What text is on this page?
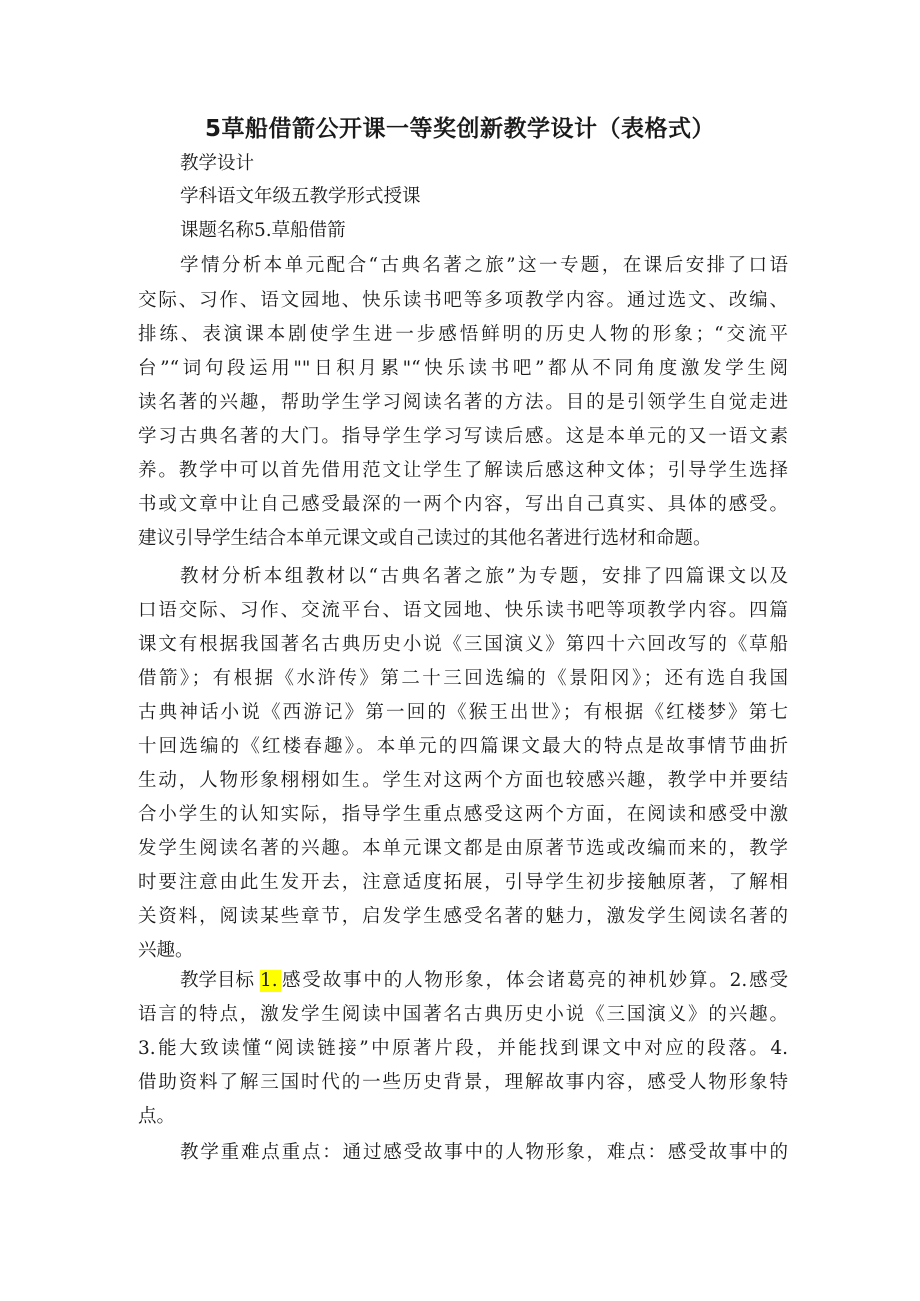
5草船借箭公开课一等奖创新教学设计（表格式）
教学设计
学科语文年级五教学形式授课
课题名称5.草船借箭
学情分析本单元配合“古典名著之旅”这一专题，在课后安排了口语
交际、习作、语文园地、快乐读书吧等多项教学内容。通过选文、改编、
排练、表演课本剧使学生进一步感悟鲜明的历史人物的形象；“交流平
台”“词句段运用""日积月累"“快乐读书吧”都从不同角度激发学生阅
读名著的兴趣，帮助学生学习阅读名著的方法。目的是引领学生自觉走进
学习古典名著的大门。指导学生学习写读后感。这是本单元的又一语文素
养。教学中可以首先借用范文让学生了解读后感这种文体；引导学生选择
书或文章中让自己感受最深的一两个内容，写出自己真实、具体的感受。
建议引导学生结合本单元课文或自己读过的其他名著进行选材和命题。
教材分析本组教材以“古典名著之旅”为专题，安排了四篇课文以及
口语交际、习作、交流平台、语文园地、快乐读书吧等项教学内容。四篇
课文有根据我国著名古典历史小说《三国演义》第四十六回改写的《草船
借箭》；有根据《水浒传》第二十三回选编的《景阳冈》；还有选自我国
古典神话小说《西游记》第一回的《猴王出世》；有根据《红楼梦》第七
十回选编的《红楼春趣》。本单元的四篇课文最大的特点是故事情节曲折
生动，人物形象栩栩如生。学生对这两个方面也较感兴趣，教学中并要结
合小学生的认知实际，指导学生重点感受这两个方面，在阅读和感受中激
发学生阅读名著的兴趣。本单元课文都是由原著节选或改编而来的，教学
时要注意由此生发开去，注意适度拓展，引导学生初步接触原著，了解相
关资料，阅读某些章节，启发学生感受名著的魅力，激发学生阅读名著的
兴趣。
教学目标 1. 感受故事中的人物形象，体会诸葛亮的神机妙算。2.感受
语言的特点，激发学生阅读中国著名古典历史小说《三国演义》的兴趣。
3.能大致读懂“阅读链接”中原著片段，并能找到课文中对应的段落。4.
借助资料了解三国时代的一些历史背景，理解故事内容，感受人物形象特
点。
教学重难点重点：通过感受故事中的人物形象，难点：感受故事中的
